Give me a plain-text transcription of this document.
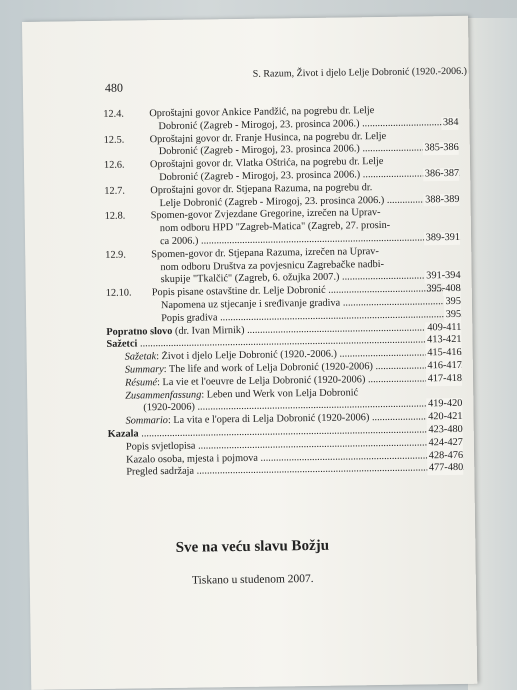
480
S. Razum, Život i djelo Lelje Dobronić (1920.-2006.)
12.4. Oproštajni govor Ankice Pandžić, na pogrebu dr. Lelje
Dobronić (Zagreb - Mirogoj, 23. prosinca 2006.)	384
.....
12.5. Oproštajni govor dr. Franje Husinca, na pogrebu dr. Lelje
Dobronić (Zagreb - Mirogoj, 23. prosinca 2006.)	385-386
.....
12.6. Oproštajni govor dr. Vlatka Oštrića, na pogrebu dr. Lelje
Dobronić (Zagreb - Mirogoj, 23. prosinca 2006.)	386-387
.....
12.7. Oproštajni govor dr. Stjepana Razuma, na pogrebu dr.
Lelje Dobronić (Zagreb - Mirogoj, 23. prosinca 2006.)	388-389
.....
12.8. Spomen-govor Zvjezdane Gregorine, izrečen na Uprav-
nom odboru HPD "Zagreb-Matica" (Zagreb, 27. prosin-
ca 2006.)	389-391
.....
12.9. Spomen-govor dr. Stjepana Razuma, izrečen na Uprav-
nom odboru Društva za povjesnicu Zagrebačke nadbi-
skupije "Tkalčić" (Zagreb, 6. ožujka 2007.)	391-394
.....
12.10. Popis pisane ostavštine dr. Lelje Dobronić	395-408
.....
Napomena uz stjecanje i sređivanje gradiva	395
.....
Popis gradiva	395
.....
Popratno slovo (dr. Ivan Mirnik)	409-411
.....
Sažetci	413-421
.....
Sažetak: Život i djelo Lelje Dobronić (1920.-2006.)	415-416
.....
Summary: The life and work of Lelja Dobronić (1920-2006)	416-417
.....
Résumé: La vie et l'oeuvre de Lelja Dobronić (1920-2006)	417-418
.....
Zusammenfassung: Leben und Werk von Lelja Dobronić
(1920-2006)	419-420
.....
Sommario: La vita e l'opera di Lelja Dobronić (1920-2006)	420-421
.....
Kazala	423-480
.....
Popis svjetlopisa	424-427
.....
Kazalo osoba, mjesta i pojmova	428-476
.....
Pregled sadržaja	477-480
.....
Sve na veću slavu Božju
Tiskano u studenom 2007.
